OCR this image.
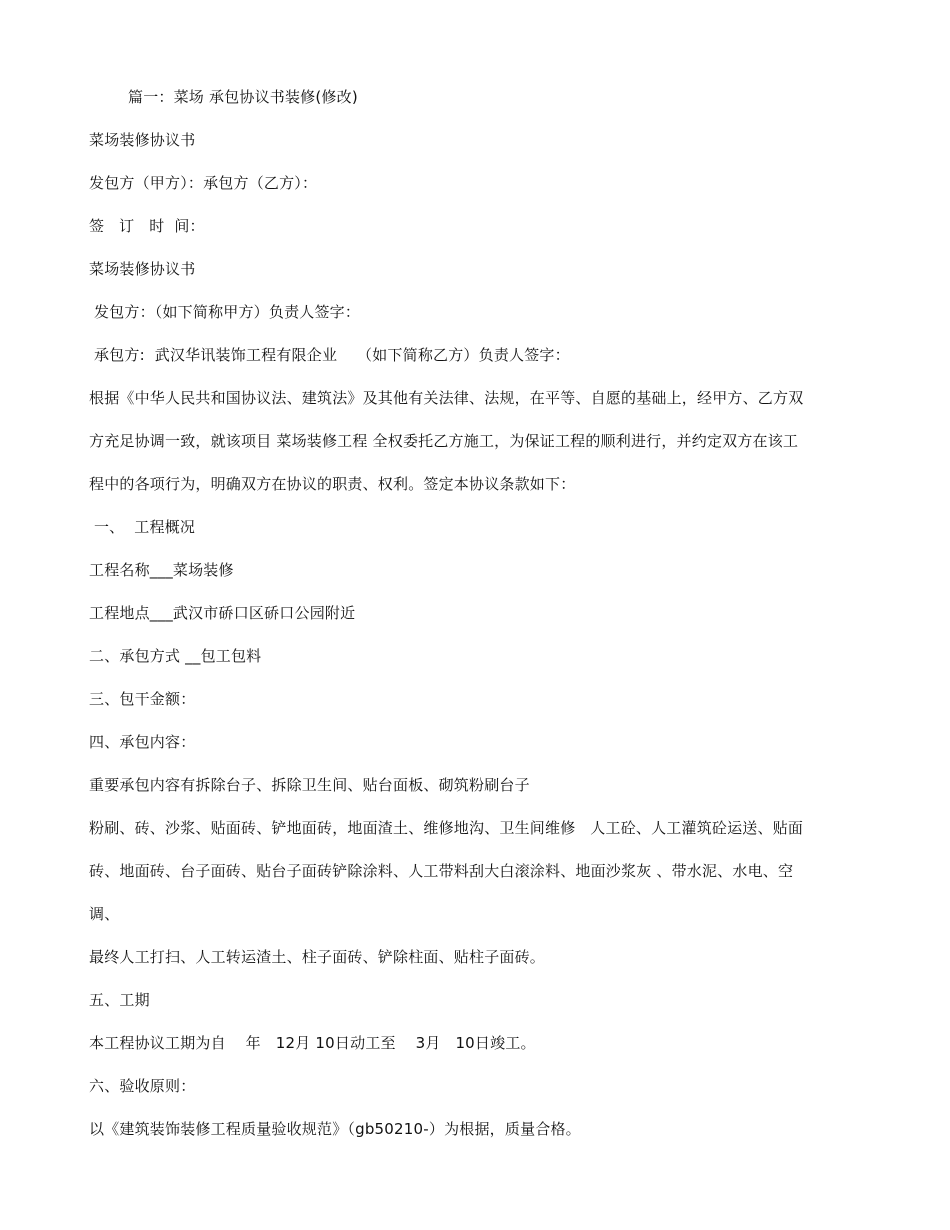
篇一：菜场 承包协议书装修(修改)
菜场装修协议书
发包方（甲方）：承包方（乙方）：
签   订   时  间：
菜场装修协议书
发包方：（如下简称甲方）负责人签字：
承包方:  武汉华讯装饰工程有限企业    （如下简称乙方）负责人签字：
根据《中华人民共和国协议法、建筑法》及其他有关法律、法规，在平等、自愿的基础上，经甲方、乙方双
方充足协调一致，就该项目 菜场装修工程 全权委托乙方施工，为保证工程的顺利进行，并约定双方在该工
程中的各项行为，明确双方在协议的职责、权利。签定本协议条款如下：
一、  工程概况
工程名称___菜场装修
工程地点___武汉市硚口区硚口公园附近
二、承包方式 __包工包料
三、包干金额：
四、承包内容：
重要承包内容有拆除台子、拆除卫生间、贴台面板、砌筑粉刷台子
粉刷、砖、沙浆、贴面砖、铲地面砖，地面渣土、维修地沟、卫生间维修   人工砼、人工灌筑砼运送、贴面
砖、地面砖、台子面砖、贴台子面砖铲除涂料、人工带料刮大白滚涂料、地面沙浆灰 、带水泥、水电、空
调、
最终人工打扫、人工转运渣土、柱子面砖、铲除柱面、贴柱子面砖。
五、工期
本工程协议工期为自    年   12月 10日动工至    3月   10日竣工。
六、验收原则：
以《建筑装饰装修工程质量验收规范》（gb50210-）为根据，质量合格。
